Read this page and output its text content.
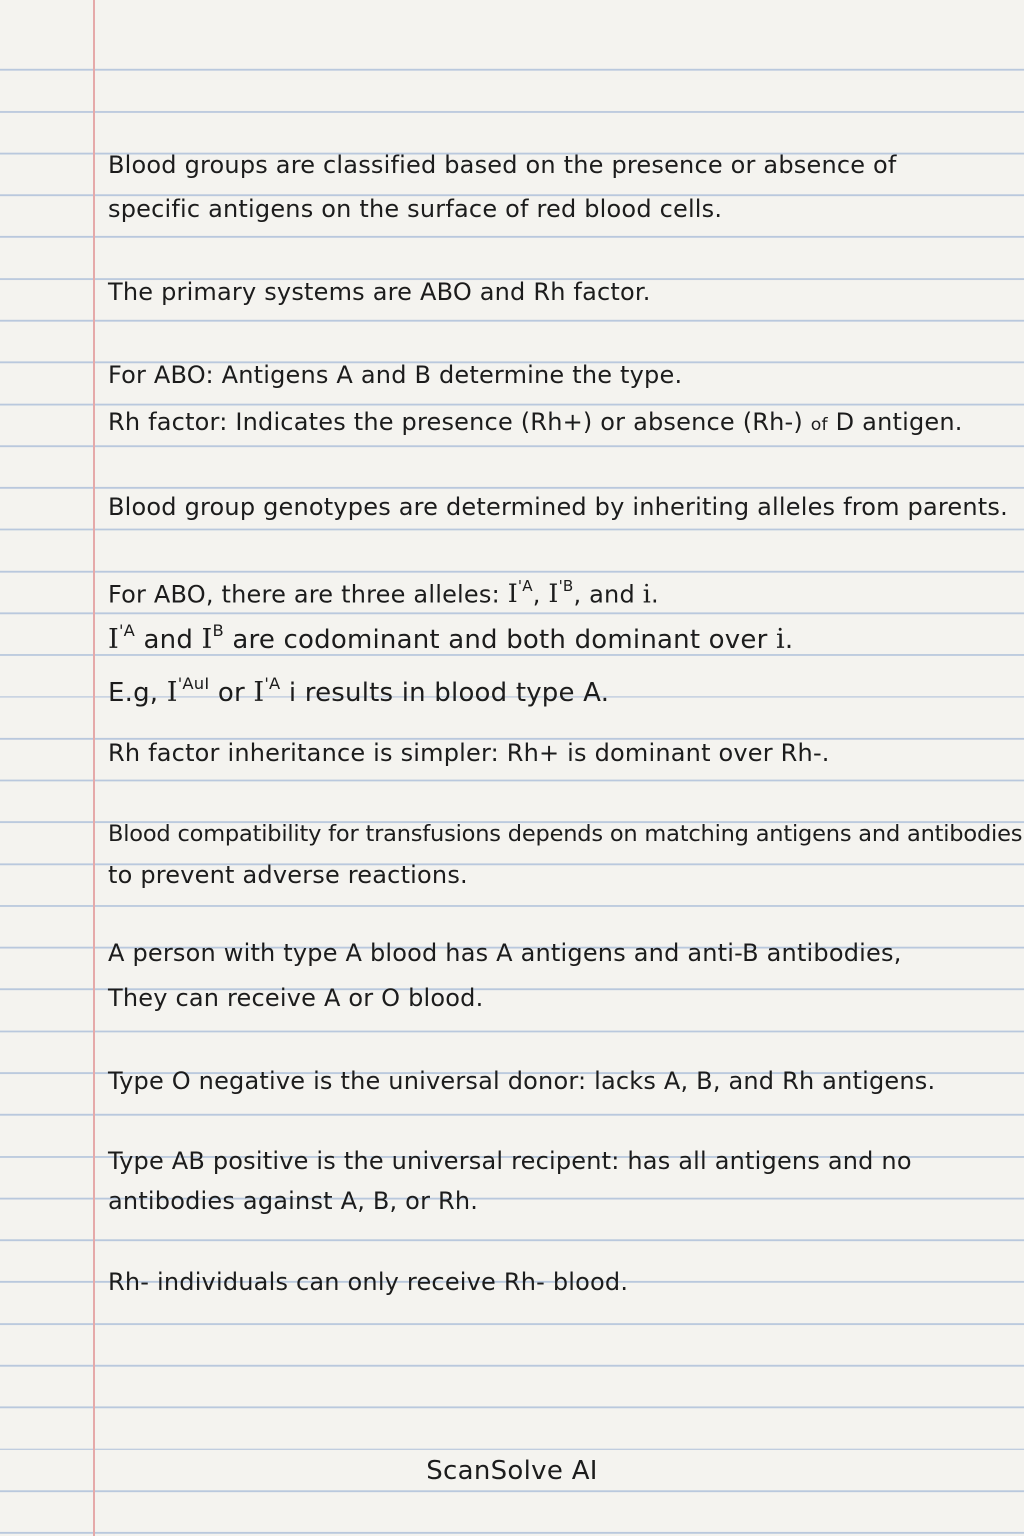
Blood groups are classified based on the presence or absence of
specific antigens on the surface of red blood cells.
The primary systems are ABO and Rh factor.
For ABO: Antigens A and B determine the type.
Rh factor: Indicates the presence (Rh+) or absence (Rh-) of D antigen.
Blood group genotypes are determined by inheriting alleles from parents.
For ABO, there are three alleles: $I^{'A}$, $I^{'B}$, and i.
$I^{'A}$ and $I^B$ are codominant and both dominant over i.
E.g, $I^{'AuI}$ or $I^{'A}$ i results in blood type A.
Rh factor inheritance is simpler: Rh+ is dominant over Rh-.
Blood compatibility for transfusions depends on matching antigens and antibodies
to prevent adverse reactions.
A person with type A blood has A antigens and anti-B antibodies,
They can receive A or O blood.
Type O negative is the universal donor: lacks A, B, and Rh antigens.
Type AB positive is the universal recipent: has all antigens and no
antibodies against A, B, or Rh.
Rh- individuals can only receive Rh- blood.
ScanSolve AI
